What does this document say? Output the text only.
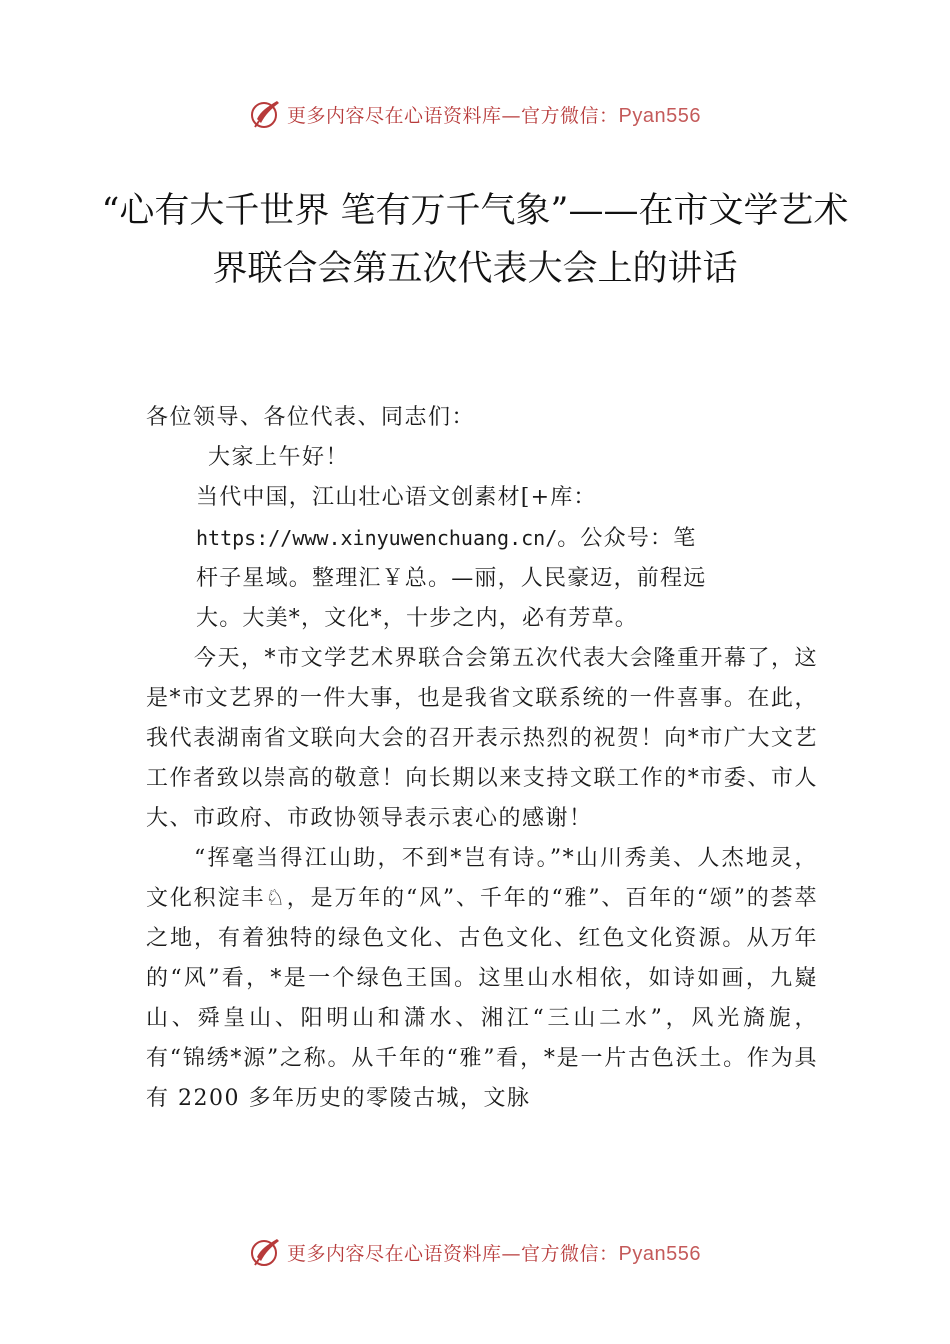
更多内容尽在心语资料库—官方微信：Pyan556
“心有大千世界 笔有万千气象”——在市文学艺术界联合会第五次代表大会上的讲话

各位领导、各位代表、同志们：

大家上午好！

当代中国，江山壮心语文创素材[+库：https://www.xinyuwenchuang.cn/。公众号：笔杆子星域。整理汇￥总。—丽，人民豪迈，前程远大。大美*，文化*，十步之内，必有芳草。

今天，*市文学艺术界联合会第五次代表大会隆重开幕了，这是*市文艺界的一件大事，也是我省文联系统的一件喜事。在此，我代表湖南省文联向大会的召开表示热烈的祝贺！向*市广大文艺工作者致以崇高的敬意！向长期以来支持文联工作的*市委、市人大、市政府、市政协领导表示衷心的感谢！

“挥毫当得江山助，不到*岂有诗。”*山川秀美、人杰地灵，文化积淀丰♘，是万年的“风”、千年的“雅”、百年的“颂”的荟萃之地，有着独特的绿色文化、古色文化、红色文化资源。从万年的“风”看，*是一个绿色王国。这里山水相依，如诗如画，九嶷山、舜皇山、阳明山和潇水、湘江“三山二水”，风光旖旎，有“锦绣*源”之称。从千年的“雅”看，*是一片古色沃土。作为具有 2200 多年历史的零陵古城，文脉

更多内容尽在心语资料库—官方微信：Pyan556
